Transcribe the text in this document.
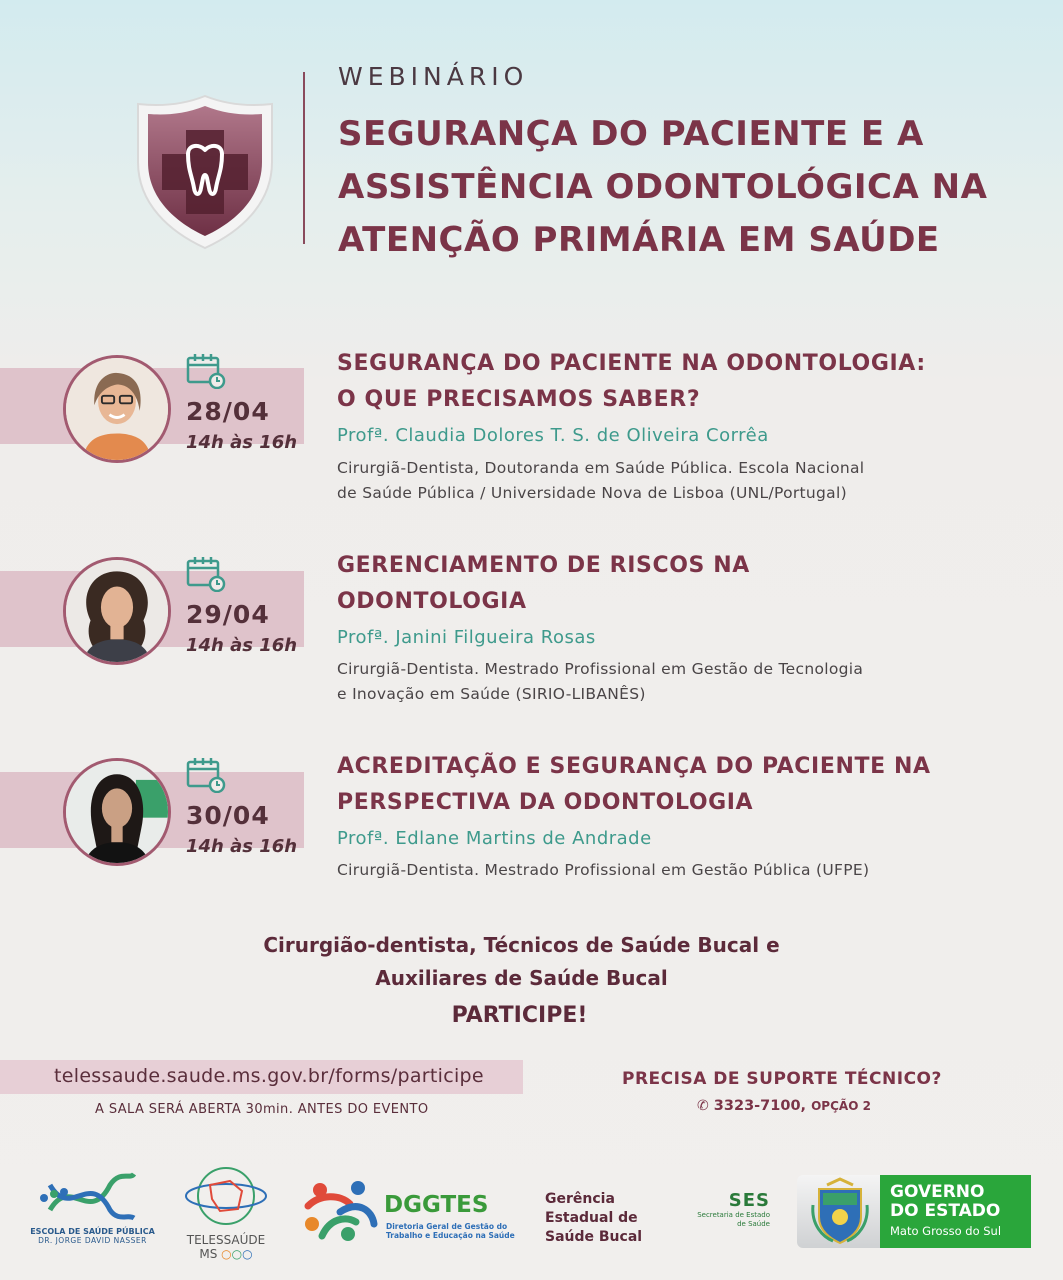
WEBINÁRIO
SEGURANÇA DO PACIENTE E A
ASSISTÊNCIA ODONTOLÓGICA NA
ATENÇÃO PRIMÁRIA EM SAÚDE
28/04
14h às 16h
SEGURANÇA DO PACIENTE NA ODONTOLOGIA:
O QUE PRECISAMOS SABER?
Profª. Claudia Dolores T. S. de Oliveira Corrêa
Cirurgiã-Dentista, Doutoranda em Saúde Pública. Escola Nacional
de Saúde Pública / Universidade Nova de Lisboa (UNL/Portugal)
29/04
14h às 16h
GERENCIAMENTO DE RISCOS NA
ODONTOLOGIA
Profª. Janini Filgueira Rosas
Cirurgiã-Dentista. Mestrado Profissional em Gestão de Tecnologia
e Inovação em Saúde (SIRIO-LIBANÊS)
30/04
14h às 16h
ACREDITAÇÃO E SEGURANÇA DO PACIENTE NA
PERSPECTIVA DA ODONTOLOGIA
Profª. Edlane Martins de Andrade
Cirurgiã-Dentista. Mestrado Profissional em Gestão Pública (UFPE)
Cirurgião-dentista, Técnicos de Saúde Bucal e
Auxiliares de Saúde Bucal
PARTICIPE!
telessaude.saude.ms.gov.br/forms/participe
A SALA SERÁ ABERTA 30min. ANTES DO EVENTO
PRECISA DE SUPORTE TÉCNICO?
✆ 3323-7100, OPÇÃO 2
ESCOLA DE SAÚDE PÚBLICA
DR. JORGE DAVID NASSER	TELESSAÚDE
MS ○○○
DGGTES
Diretoria Geral de Gestão do
Trabalho e Educação na Saúde
Gerência
Estadual de
Saúde Bucal
SES
Secretaria de Estado
de Saúde
GOVERNO
DO ESTADO
Mato Grosso do Sul
